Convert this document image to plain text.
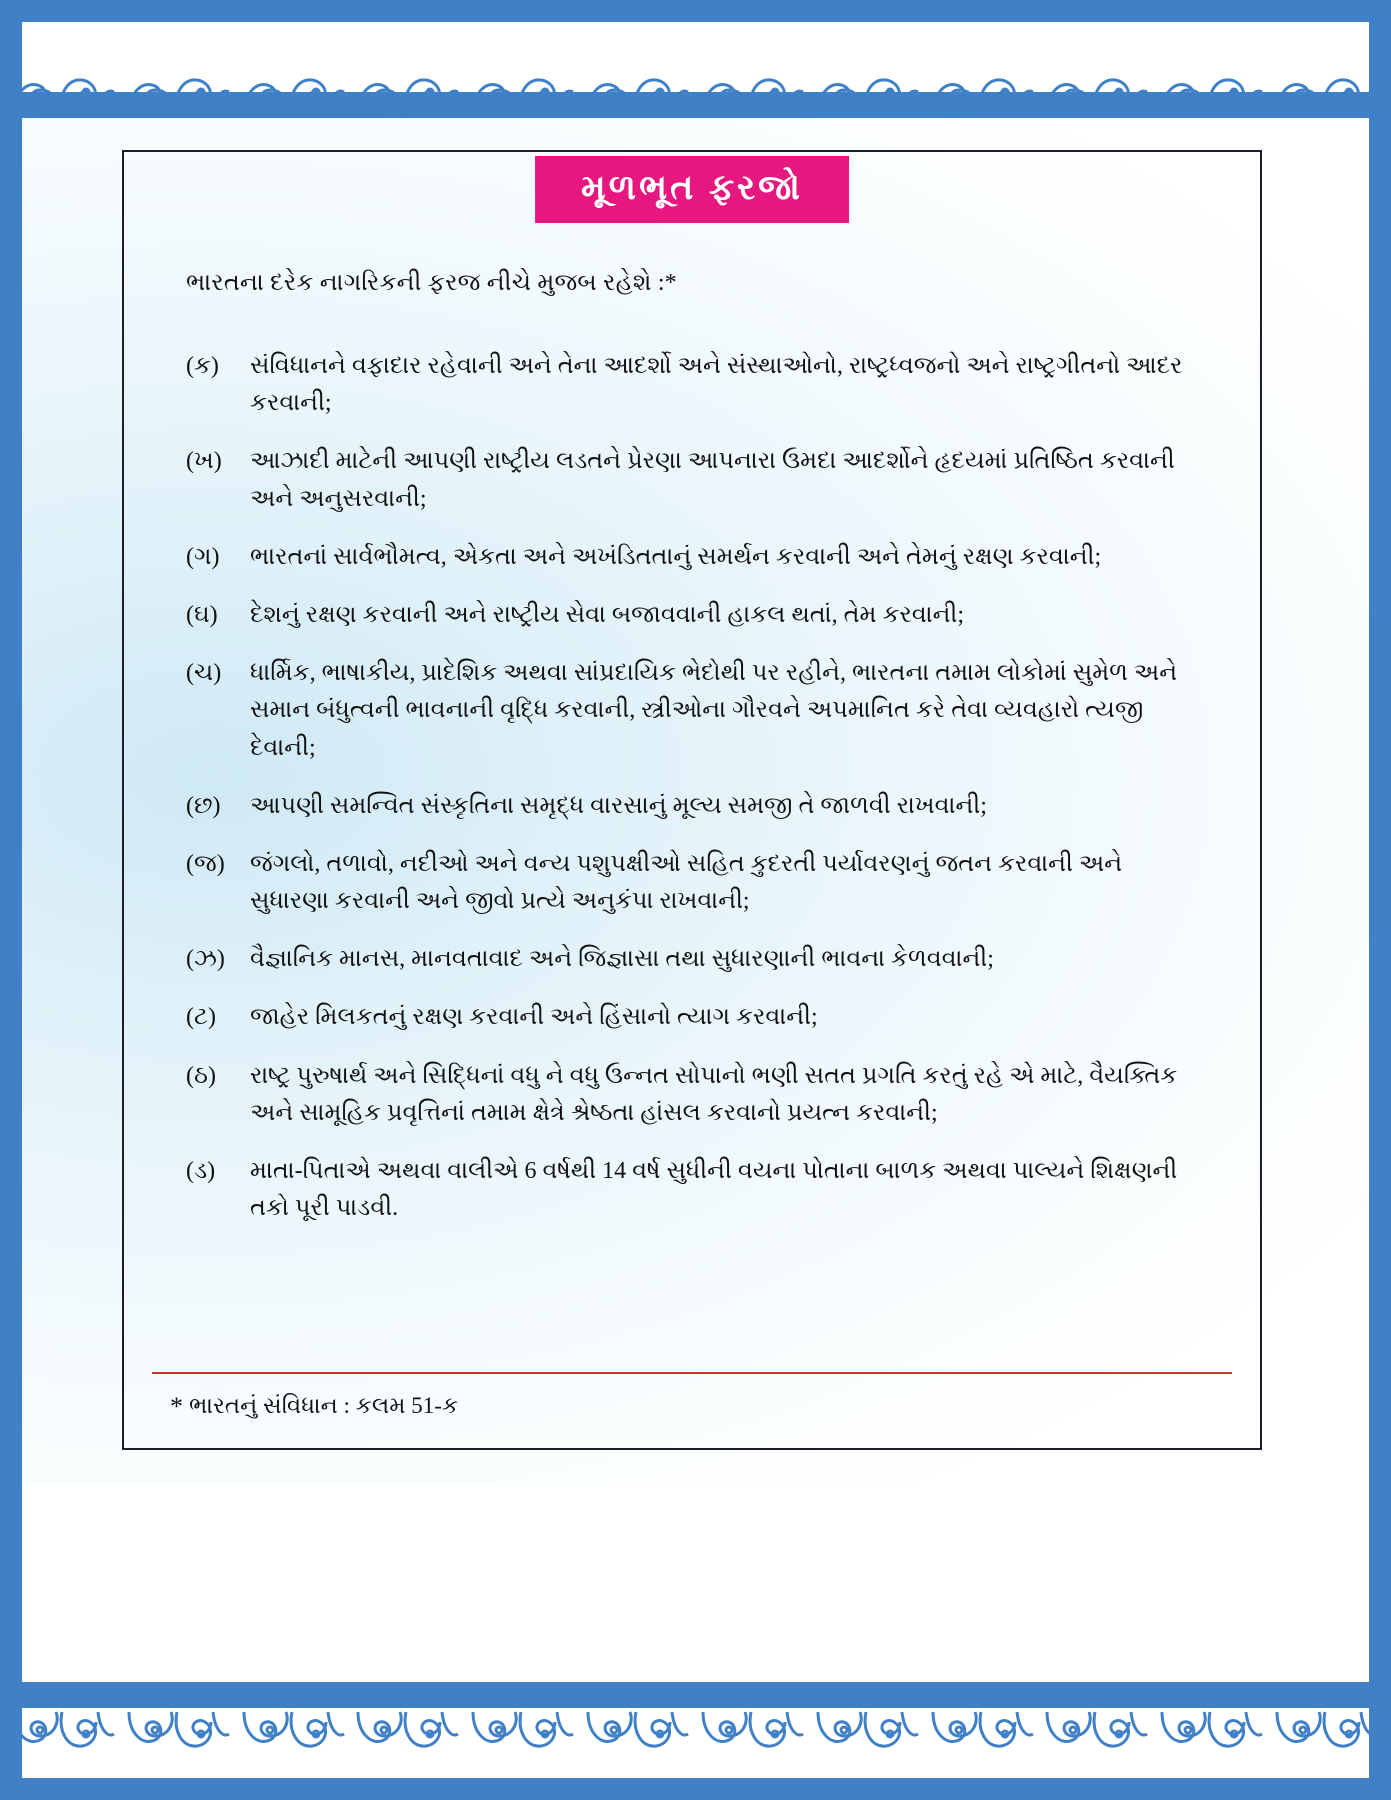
મૂળભૂત ફરજો
ભારતના દરેક નાગરિકની ફરજ નીચે મુજબ રહેશે :*
(ક)	સંવિધાનને વફાદાર રહેવાની અને તેના આદર્શો અને સંસ્થાઓનો, રાષ્ટ્રધ્વજનો અને રાષ્ટ્રગીતનો આદર કરવાની;
(ખ)	આઝાદી માટેની આપણી રાષ્ટ્રીય લડતને પ્રેરણા આપનારા ઉમદા આદર્શોને હૃદયમાં પ્રતિષ્ઠિત કરવાની અને અનુસરવાની;
(ગ)	ભારતનાં સાર્વભૌમત્વ, એકતા અને અખંડિતતાનું સમર્થન કરવાની અને તેમનું રક્ષણ કરવાની;
(ઘ)	દેશનું રક્ષણ કરવાની અને રાષ્ટ્રીય સેવા બજાવવાની હાકલ થતાં, તેમ કરવાની;
(ચ)	ધાર્મિક, ભાષાકીય, પ્રાદેશિક અથવા સાંપ્રદાયિક ભેદોથી પર રહીને, ભારતના તમામ લોકોમાં સુમેળ અને સમાન બંધુત્વની ભાવનાની વૃદ્ધિ કરવાની, સ્ત્રીઓના ગૌરવને અપમાનિત કરે તેવા વ્યવહારો ત્યજી દેવાની;
(છ)	આપણી સમન્વિત સંસ્કૃતિના સમૃદ્ધ વારસાનું મૂલ્ય સમજી તે જાળવી રાખવાની;
(જ)	જંગલો, તળાવો, નદીઓ અને વન્ય પશુપક્ષીઓ સહિત કુદરતી પર્યાવરણનું જતન કરવાની અને સુધારણા કરવાની અને જીવો પ્રત્યે અનુકંપા રાખવાની;
(ઝ)	વૈજ્ઞાનિક માનસ, માનવતાવાદ અને જિજ્ઞાસા તથા સુધારણાની ભાવના કેળવવાની;
(ટ)	જાહેર મિલકતનું રક્ષણ કરવાની અને હિંસાનો ત્યાગ કરવાની;
(ઠ)	રાષ્ટ્ર પુરુષાર્થ અને સિદ્ધિનાં વધુ ને વધુ ઉન્નત સોપાનો ભણી સતત પ્રગતિ કરતું રહે એ માટે, વૈયક્તિક અને સામૂહિક પ્રવૃત્તિનાં તમામ ક્ષેત્રે શ્રેષ્ઠતા હાંસલ કરવાનો પ્રયત્ન કરવાની;
(ડ)	માતા-પિતાએ અથવા વાલીએ 6 વર્ષથી 14 વર્ષ સુધીની વયના પોતાના બાળક અથવા પાલ્યને શિક્ષણની તકો પૂરી પાડવી.
* ભારતનું સંવિધાન : કલમ 51-ક
